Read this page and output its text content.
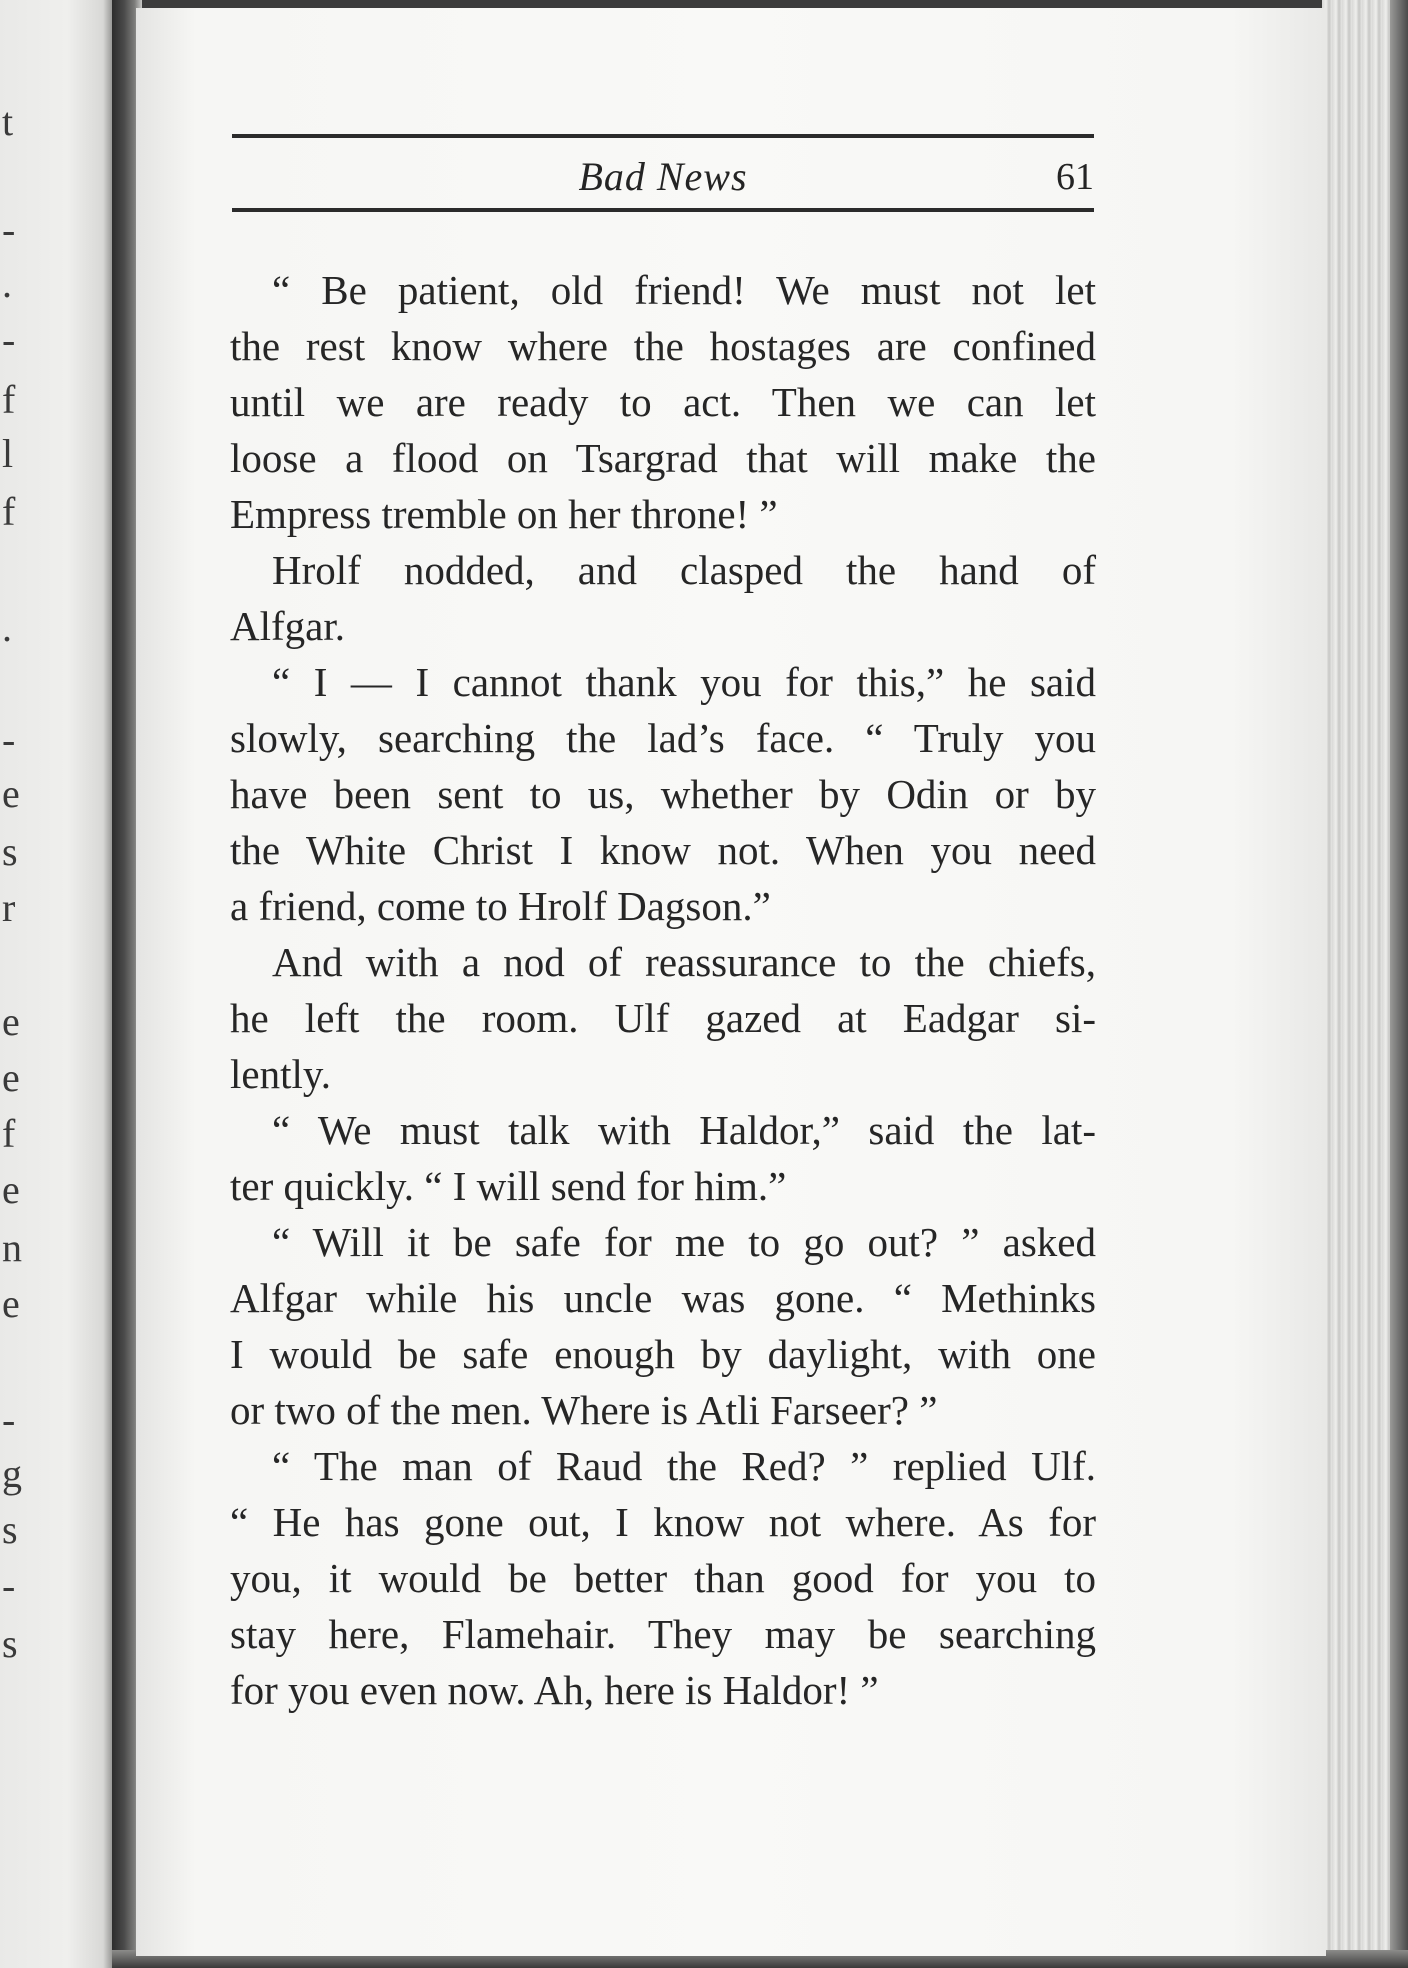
t
-
.
-
f
l
f
.
-
e
s
r
e
e
f
e
n
e
-
g
s
-
s
Bad News	61
“ Be patient, old friend! We must not let
the rest know where the hostages are confined
until we are ready to act. Then we can let
loose a flood on Tsargrad that will make the
Empress tremble on her throne! ”
Hrolf nodded, and clasped the hand of
Alfgar.
“ I — I cannot thank you for this,” he said
slowly, searching the lad’s face. “ Truly you
have been sent to us, whether by Odin or by
the White Christ I know not. When you need
a friend, come to Hrolf Dagson.”
And with a nod of reassurance to the chiefs,
he left the room. Ulf gazed at Eadgar si-
lently.
“ We must talk with Haldor,” said the lat-
ter quickly. “ I will send for him.”
“ Will it be safe for me to go out? ” asked
Alfgar while his uncle was gone. “ Methinks
I would be safe enough by daylight, with one
or two of the men. Where is Atli Farseer? ”
“ The man of Raud the Red? ” replied Ulf.
“ He has gone out, I know not where. As for
you, it would be better than good for you to
stay here, Flamehair. They may be searching
for you even now. Ah, here is Haldor! ”
